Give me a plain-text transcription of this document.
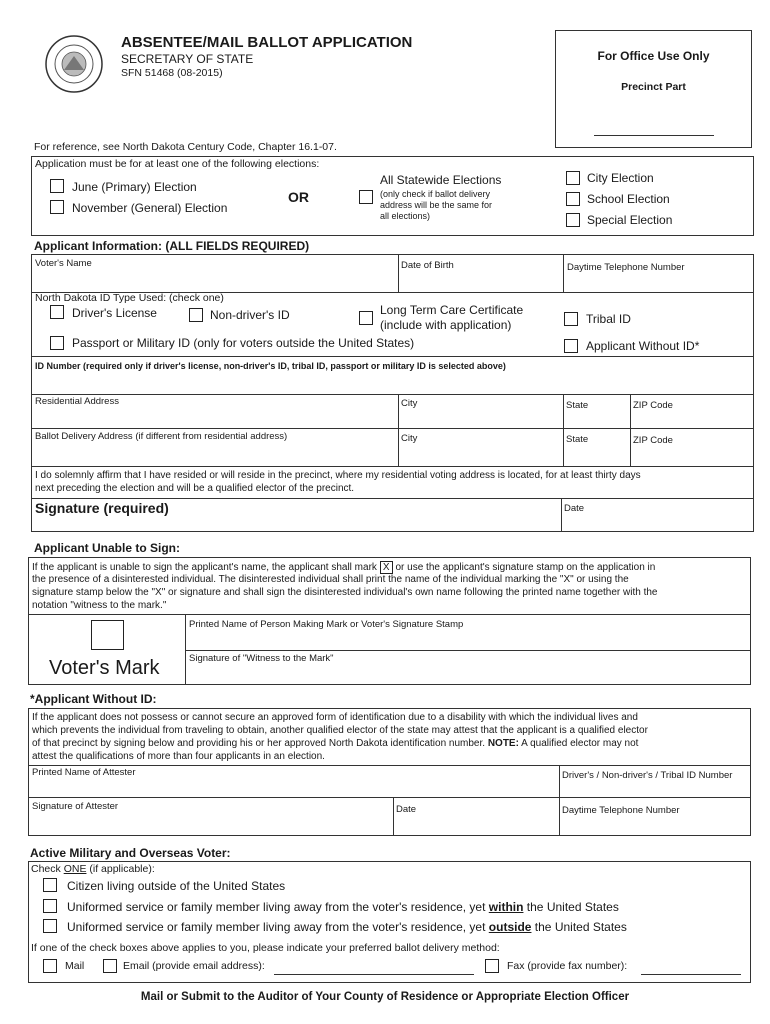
ABSENTEE/MAIL BALLOT APPLICATION
SECRETARY OF STATE
SFN 51468 (08-2015)
For Office Use Only
Precinct Part
For reference, see North Dakota Century Code, Chapter 16.1-07.
Application must be for at least one of the following elections:
June (Primary) Election
November (General) Election
OR
All Statewide Elections
(only check if ballot delivery
address will be the same for
all elections)
City Election
School Election
Special Election
Applicant Information: (ALL FIELDS REQUIRED)
Voter's Name	Date of Birth	Daytime Telephone Number
North Dakota ID Type Used: (check one)
Driver's License	Non-driver's ID	Long Term Care Certificate
(include with application)	Tribal ID
Passport or Military ID (only for voters outside the United States)	Applicant Without ID*
ID Number (required only if driver's license, non-driver's ID, tribal ID, passport or military ID is selected above)
Residential Address	City	State	ZIP Code
Ballot Delivery Address (if different from residential address)	City	State	ZIP Code
I do solemnly affirm that I have resided or will reside in the precinct, where my residential voting address is located, for at least thirty days
next preceding the election and will be a qualified elector of the precinct.
Signature (required)	Date
Applicant Unable to Sign:
If the applicant is unable to sign the applicant's name, the applicant shall mark X or use the applicant's signature stamp on the application in
the presence of a disinterested individual. The disinterested individual shall print the name of the individual marking the "X" or using the
signature stamp below the "X" or signature and shall sign the disinterested individual's own name following the printed name together with the
notation "witness to the mark."
Voter's Mark
Printed Name of Person Making Mark or Voter's Signature Stamp
Signature of "Witness to the Mark"
*Applicant Without ID:
If the applicant does not possess or cannot secure an approved form of identification due to a disability with which the individual lives and
which prevents the individual from traveling to obtain, another qualified elector of the state may attest that the applicant is a qualified elector
of that precinct by signing below and providing his or her approved North Dakota identification number. NOTE: A qualified elector may not
attest the qualifications of more than four applicants in an election.
Printed Name of Attester	Driver's / Non-driver's / Tribal ID Number
Signature of Attester	Date	Daytime Telephone Number
Active Military and Overseas Voter:
Check ONE (if applicable):
Citizen living outside of the United States
Uniformed service or family member living away from the voter's residence, yet within the United States
Uniformed service or family member living away from the voter's residence, yet outside the United States
If one of the check boxes above applies to you, please indicate your preferred ballot delivery method:
Mail	Email (provide email address):	Fax (provide fax number):
Mail or Submit to the Auditor of Your County of Residence or Appropriate Election Officer
